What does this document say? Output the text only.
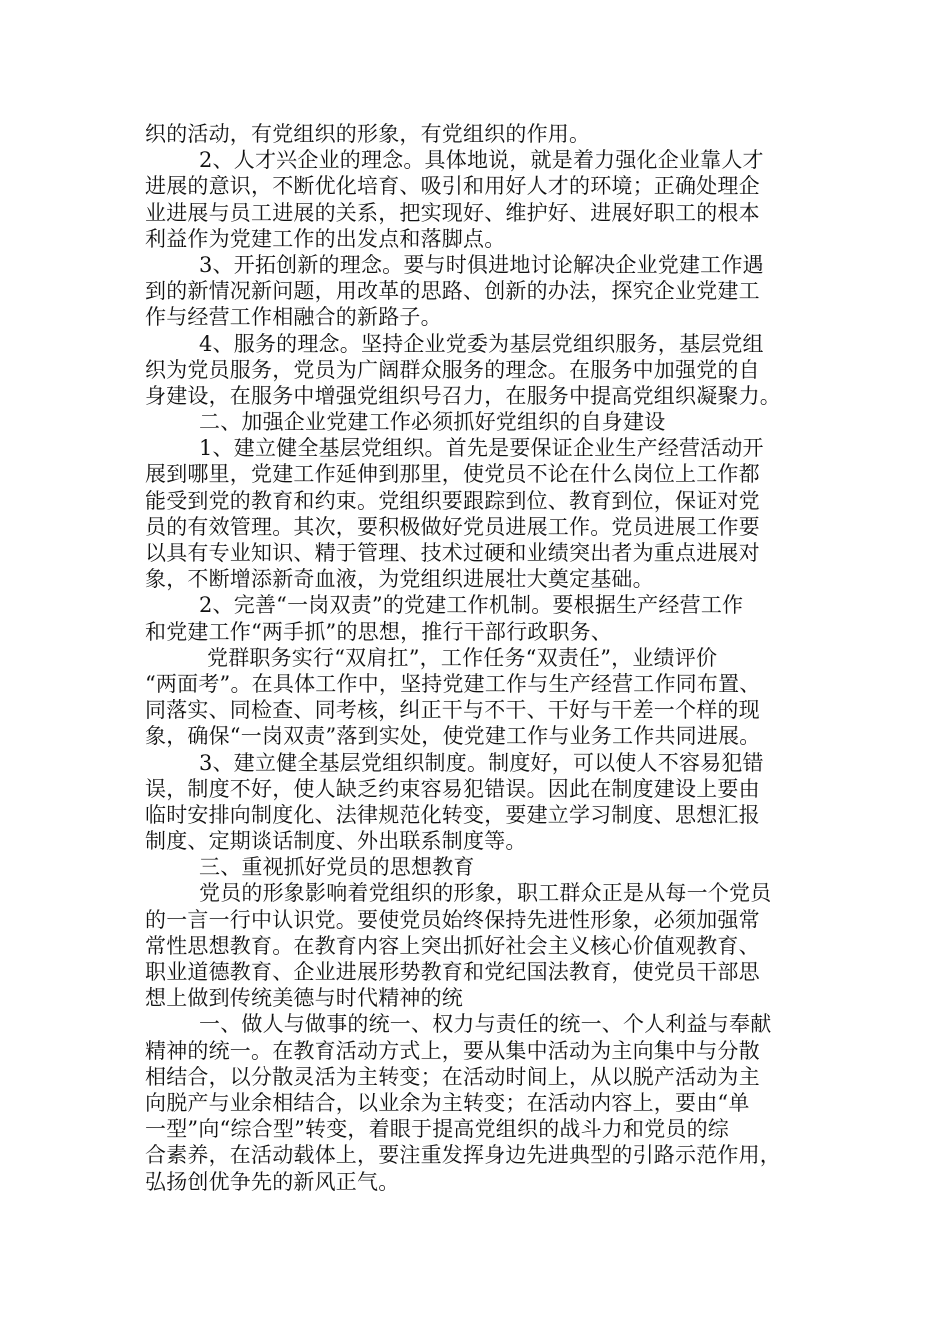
织的活动，有党组织的形象，有党组织的作用。
2、人才兴企业的理念。具体地说，就是着力强化企业靠人才
进展的意识，不断优化培育、吸引和用好人才的环境；正确处理企
业进展与员工进展的关系，把实现好、维护好、进展好职工的根本
利益作为党建工作的出发点和落脚点。
3、开拓创新的理念。要与时俱进地讨论解决企业党建工作遇
到的新情况新问题，用改革的思路、创新的办法，探究企业党建工
作与经营工作相融合的新路子。
4、服务的理念。坚持企业党委为基层党组织服务，基层党组
织为党员服务，党员为广阔群众服务的理念。在服务中加强党的自
身建设，在服务中增强党组织号召力，在服务中提高党组织凝聚力。
二、加强企业党建工作必须抓好党组织的自身建设
1、建立健全基层党组织。首先是要保证企业生产经营活动开
展到哪里，党建工作延伸到那里，使党员不论在什么岗位上工作都
能受到党的教育和约束。党组织要跟踪到位、教育到位，保证对党
员的有效管理。其次，要积极做好党员进展工作。党员进展工作要
以具有专业知识、精于管理、技术过硬和业绩突出者为重点进展对
象，不断增添新奇血液，为党组织进展壮大奠定基础。
2、完善“一岗双责”的党建工作机制。要根据生产经营工作
和党建工作“两手抓”的思想，推行干部行政职务、
党群职务实行“双肩扛”，工作任务“双责任”，业绩评价
“两面考”。在具体工作中，坚持党建工作与生产经营工作同布置、
同落实、同检查、同考核，纠正干与不干、干好与干差一个样的现
象，确保“一岗双责”落到实处，使党建工作与业务工作共同进展。
3、建立健全基层党组织制度。制度好，可以使人不容易犯错
误，制度不好，使人缺乏约束容易犯错误。因此在制度建设上要由
临时安排向制度化、法律规范化转变，要建立学习制度、思想汇报
制度、定期谈话制度、外出联系制度等。
三、重视抓好党员的思想教育
党员的形象影响着党组织的形象，职工群众正是从每一个党员
的一言一行中认识党。要使党员始终保持先进性形象，必须加强常
常性思想教育。在教育内容上突出抓好社会主义核心价值观教育、
职业道德教育、企业进展形势教育和党纪国法教育，使党员干部思
想上做到传统美德与时代精神的统
一、做人与做事的统一、权力与责任的统一、个人利益与奉献
精神的统一。在教育活动方式上，要从集中活动为主向集中与分散
相结合，以分散灵活为主转变；在活动时间上，从以脱产活动为主
向脱产与业余相结合，以业余为主转变；在活动内容上，要由“单
一型”向“综合型”转变，着眼于提高党组织的战斗力和党员的综
合素养，在活动载体上，要注重发挥身边先进典型的引路示范作用，
弘扬创优争先的新风正气。
